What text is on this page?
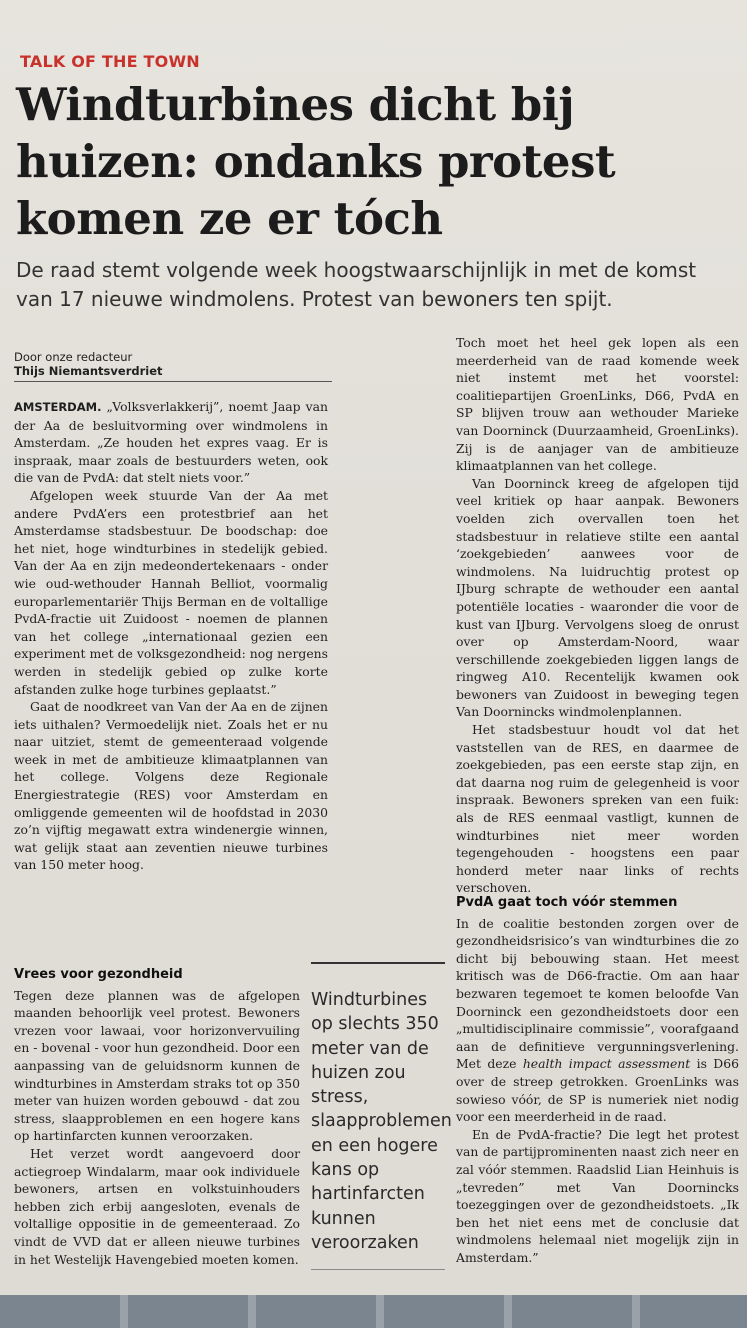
TALK OF THE TOWN
Windturbines dicht bij huizen: ondanks protest komen ze er tóch

De raad stemt volgende week hoogstwaarschijnlijk in met de komst van 17 nieuwe windmolens. Protest van bewoners ten spijt.

Door onze redacteur
Thijs Niemantsverdriet

AMSTERDAM. „Volksverlakkerij”, noemt Jaap van der Aa de besluitvorming over windmolens in Amsterdam. „Ze houden het expres vaag. Er is inspraak, maar zoals de bestuurders weten, ook die van de PvdA: dat stelt niets voor.”

Afgelopen week stuurde Van der Aa met andere PvdA’ers een protestbrief aan het Amsterdamse stadsbestuur. De boodschap: doe het niet, hoge windturbines in stedelijk gebied. Van der Aa en zijn medeondertekenaars - onder wie oud-wethouder Hannah Belliot, voormalig europarlementariër Thijs Berman en de voltallige PvdA-fractie uit Zuidoost - noemen de plannen van het college „internationaal gezien een experiment met de volksgezondheid: nog nergens werden in stedelijk gebied op zulke korte afstanden zulke hoge turbines geplaatst.”

Gaat de noodkreet van Van der Aa en de zijnen iets uithalen? Vermoedelijk niet. Zoals het er nu naar uitziet, stemt de gemeenteraad volgende week in met de ambitieuze klimaatplannen van het college. Volgens deze Regionale Energiestrategie (RES) voor Amsterdam en omliggende gemeenten wil de hoofdstad in 2030 zo’n vijftig megawatt extra windenergie winnen, wat gelijk staat aan zeventien nieuwe turbines van 150 meter hoog.

Vrees voor gezondheid

Tegen deze plannen was de afgelopen maanden behoorlijk veel protest. Bewoners vrezen voor lawaai, voor horizonvervuiling en - bovenal - voor hun gezondheid. Door een aanpassing van de geluidsnorm kunnen de windturbines in Amsterdam straks tot op 350 meter van huizen worden gebouwd - dat zou stress, slaapproblemen en een hogere kans op hartinfarcten kunnen veroorzaken.

Het verzet wordt aangevoerd door actiegroep Windalarm, maar ook individuele bewoners, artsen en volkstuinhouders hebben zich erbij aangesloten, evenals de voltallige oppositie in de gemeenteraad. Zo vindt de VVD dat er alleen nieuwe turbines in het Westelijk Havengebied moeten komen.

Windturbines op slechts 350 meter van de huizen zou stress, slaapproblemen en een hogere kans op hartinfarcten kunnen veroorzaken

Toch moet het heel gek lopen als een meerderheid van de raad komende week niet instemt met het voorstel: coalitiepartijen GroenLinks, D66, PvdA en SP blijven trouw aan wethouder Marieke van Doorninck (Duurzaamheid, GroenLinks). Zij is de aanjager van de ambitieuze klimaatplannen van het college.

Van Doorninck kreeg de afgelopen tijd veel kritiek op haar aanpak. Bewoners voelden zich overvallen toen het stadsbestuur in relatieve stilte een aantal ‘zoekgebieden’ aanwees voor de windmolens. Na luidruchtig protest op IJburg schrapte de wethouder een aantal potentiële locaties - waaronder die voor de kust van IJburg. Vervolgens sloeg de onrust over op Amsterdam-Noord, waar verschillende zoekgebieden liggen langs de ringweg A10. Recentelijk kwamen ook bewoners van Zuidoost in beweging tegen Van Doornincks windmolenplannen.

Het stadsbestuur houdt vol dat het vaststellen van de RES, en daarmee de zoekgebieden, pas een eerste stap zijn, en dat daarna nog ruim de gelegenheid is voor inspraak. Bewoners spreken van een fuik: als de RES eenmaal vastligt, kunnen de windturbines niet meer worden tegengehouden - hoogstens een paar honderd meter naar links of rechts verschoven.

PvdA gaat toch vóór stemmen

In de coalitie bestonden zorgen over de gezondheidsrisico’s van windturbines die zo dicht bij bebouwing staan. Het meest kritisch was de D66-fractie. Om aan haar bezwaren tegemoet te komen beloofde Van Doorninck een gezondheidstoets door een „multidisciplinaire commissie”, voorafgaand aan de definitieve vergunningsverlening. Met deze health impact assessment is D66 over de streep getrokken. GroenLinks was sowieso vóór, de SP is numeriek niet nodig voor een meerderheid in de raad.

En de PvdA-fractie? Die legt het protest van de partijprominenten naast zich neer en zal vóór stemmen. Raadslid Lian Heinhuis is „tevreden” met Van Doornincks toezeggingen over de gezondheidstoets. „Ik ben het niet eens met de conclusie dat windmolens helemaal niet mogelijk zijn in Amsterdam.”
